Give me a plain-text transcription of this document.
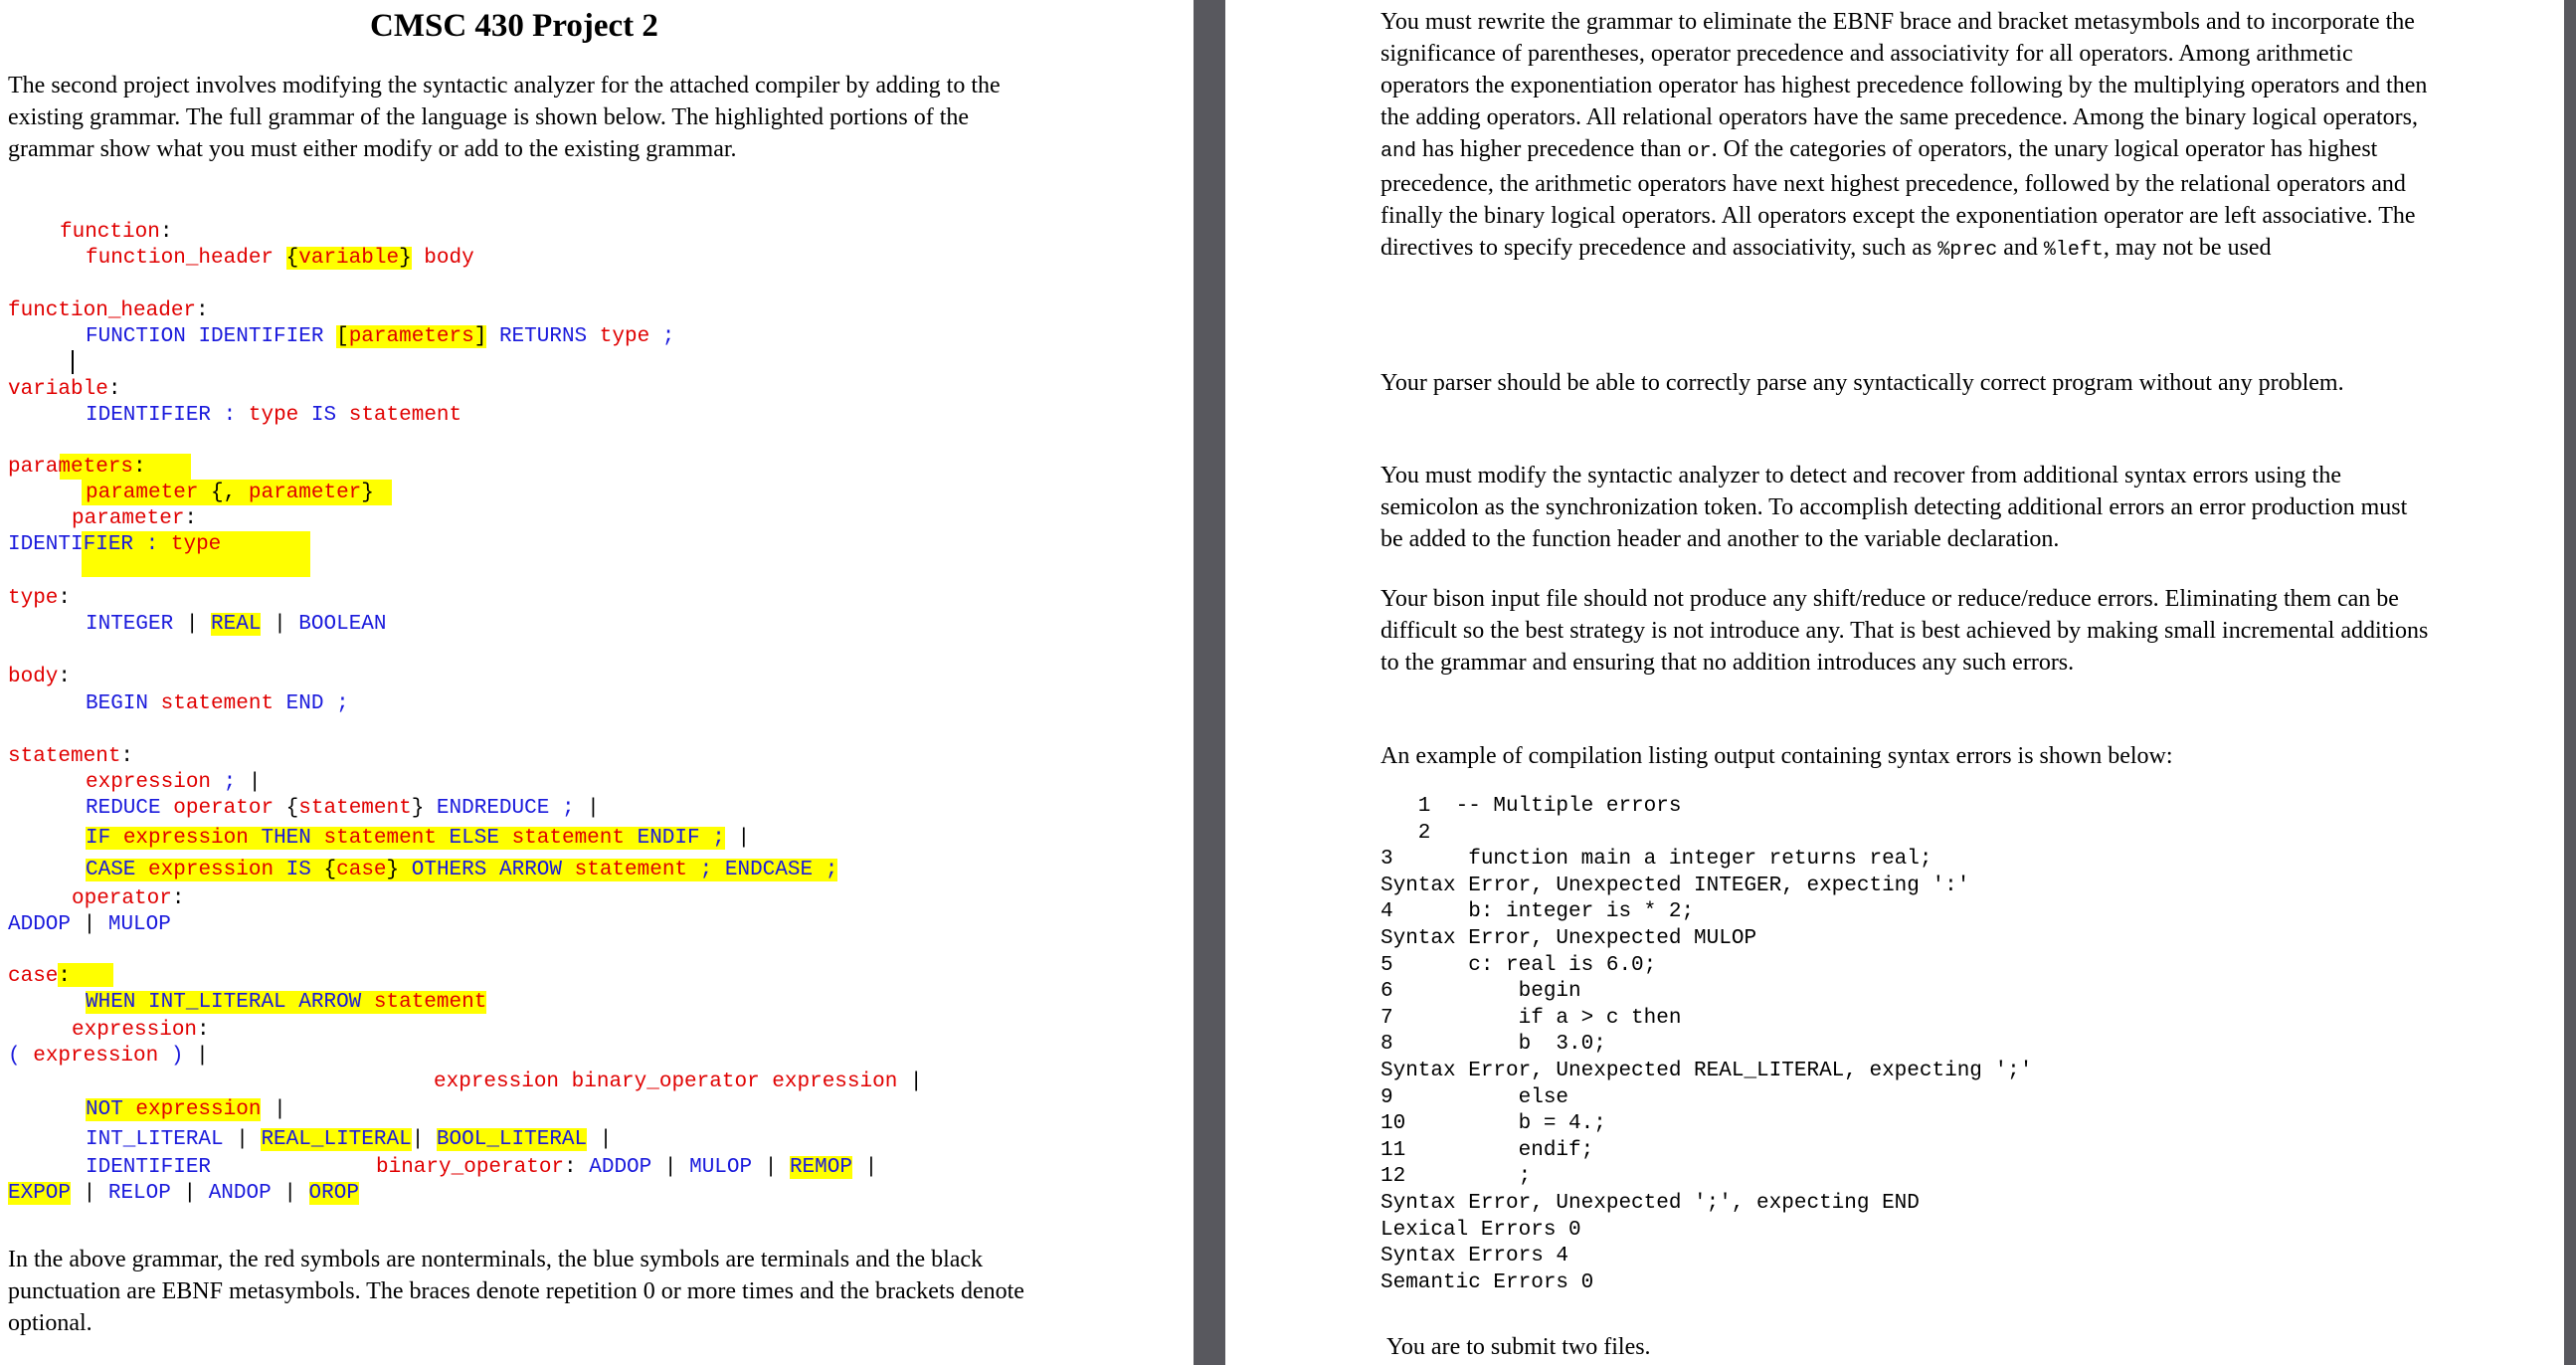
CMSC 430 Project 2
The second project involves modifying the syntactic analyzer for the attached compiler by adding to the existing grammar. The full grammar of the language is shown below. The highlighted portions of the grammar show what you must either modify or add to the existing grammar.
function:
function_header {variable} body
function_header:
FUNCTION IDENTIFIER [parameters] RETURNS type ;
variable:
IDENTIFIER : type IS statement
parameters:
parameter {, parameter}
parameter:
IDENTIFIER : type
type:
INTEGER | REAL | BOOLEAN
body:
BEGIN statement END ;
statement:
expression ; |
REDUCE operator {statement} ENDREDUCE ; |
IF expression THEN statement ELSE statement ENDIF ; |
CASE expression IS {case} OTHERS ARROW statement ; ENDCASE ;
operator:
ADDOP | MULOP
case:
WHEN INT_LITERAL ARROW statement
expression:
( expression ) |
expression binary_operator expression |
NOT expression |
INT_LITERAL | REAL_LITERAL| BOOL_LITERAL |
IDENTIFIER	binary_operator: ADDOP | MULOP | REMOP |
EXPOP | RELOP | ANDOP | OROP
In the above grammar, the red symbols are nonterminals, the blue symbols are terminals and the black punctuation are EBNF metasymbols. The braces denote repetition 0 or more times and the brackets denote optional.
You must rewrite the grammar to eliminate the EBNF brace and bracket metasymbols and to incorporate the significance of parentheses, operator precedence and associativity for all operators. Among arithmetic operators the exponentiation operator has highest precedence following by the multiplying operators and then the adding operators. All relational operators have the same precedence. Among the binary logical operators, and has higher precedence than or. Of the categories of operators, the unary logical operator has highest precedence, the arithmetic operators have next highest precedence, followed by the relational operators and finally the binary logical operators. All operators except the exponentiation operator are left associative. The directives to specify precedence and associativity, such as %prec and %left, may not be used
Your parser should be able to correctly parse any syntactically correct program without any problem.
You must modify the syntactic analyzer to detect and recover from additional syntax errors using the semicolon as the synchronization token. To accomplish detecting additional errors an error production must be added to the function header and another to the variable declaration.
Your bison input file should not produce any shift/reduce or reduce/reduce errors. Eliminating them can be difficult so the best strategy is not introduce any. That is best achieved by making small incremental additions to the grammar and ensuring that no addition introduces any such errors.
An example of compilation listing output containing syntax errors is shown below:
1  -- Multiple errors
2
3      function main a integer returns real;
Syntax Error, Unexpected INTEGER, expecting ':'
4      b: integer is * 2;
Syntax Error, Unexpected MULOP
5      c: real is 6.0;
6          begin
7          if a > c then
8          b  3.0;
Syntax Error, Unexpected REAL_LITERAL, expecting ';'
9          else
10         b = 4.;
11         endif;
12         ;
Syntax Error, Unexpected ';', expecting END
Lexical Errors 0
Syntax Errors 4
Semantic Errors 0
You are to submit two files.
